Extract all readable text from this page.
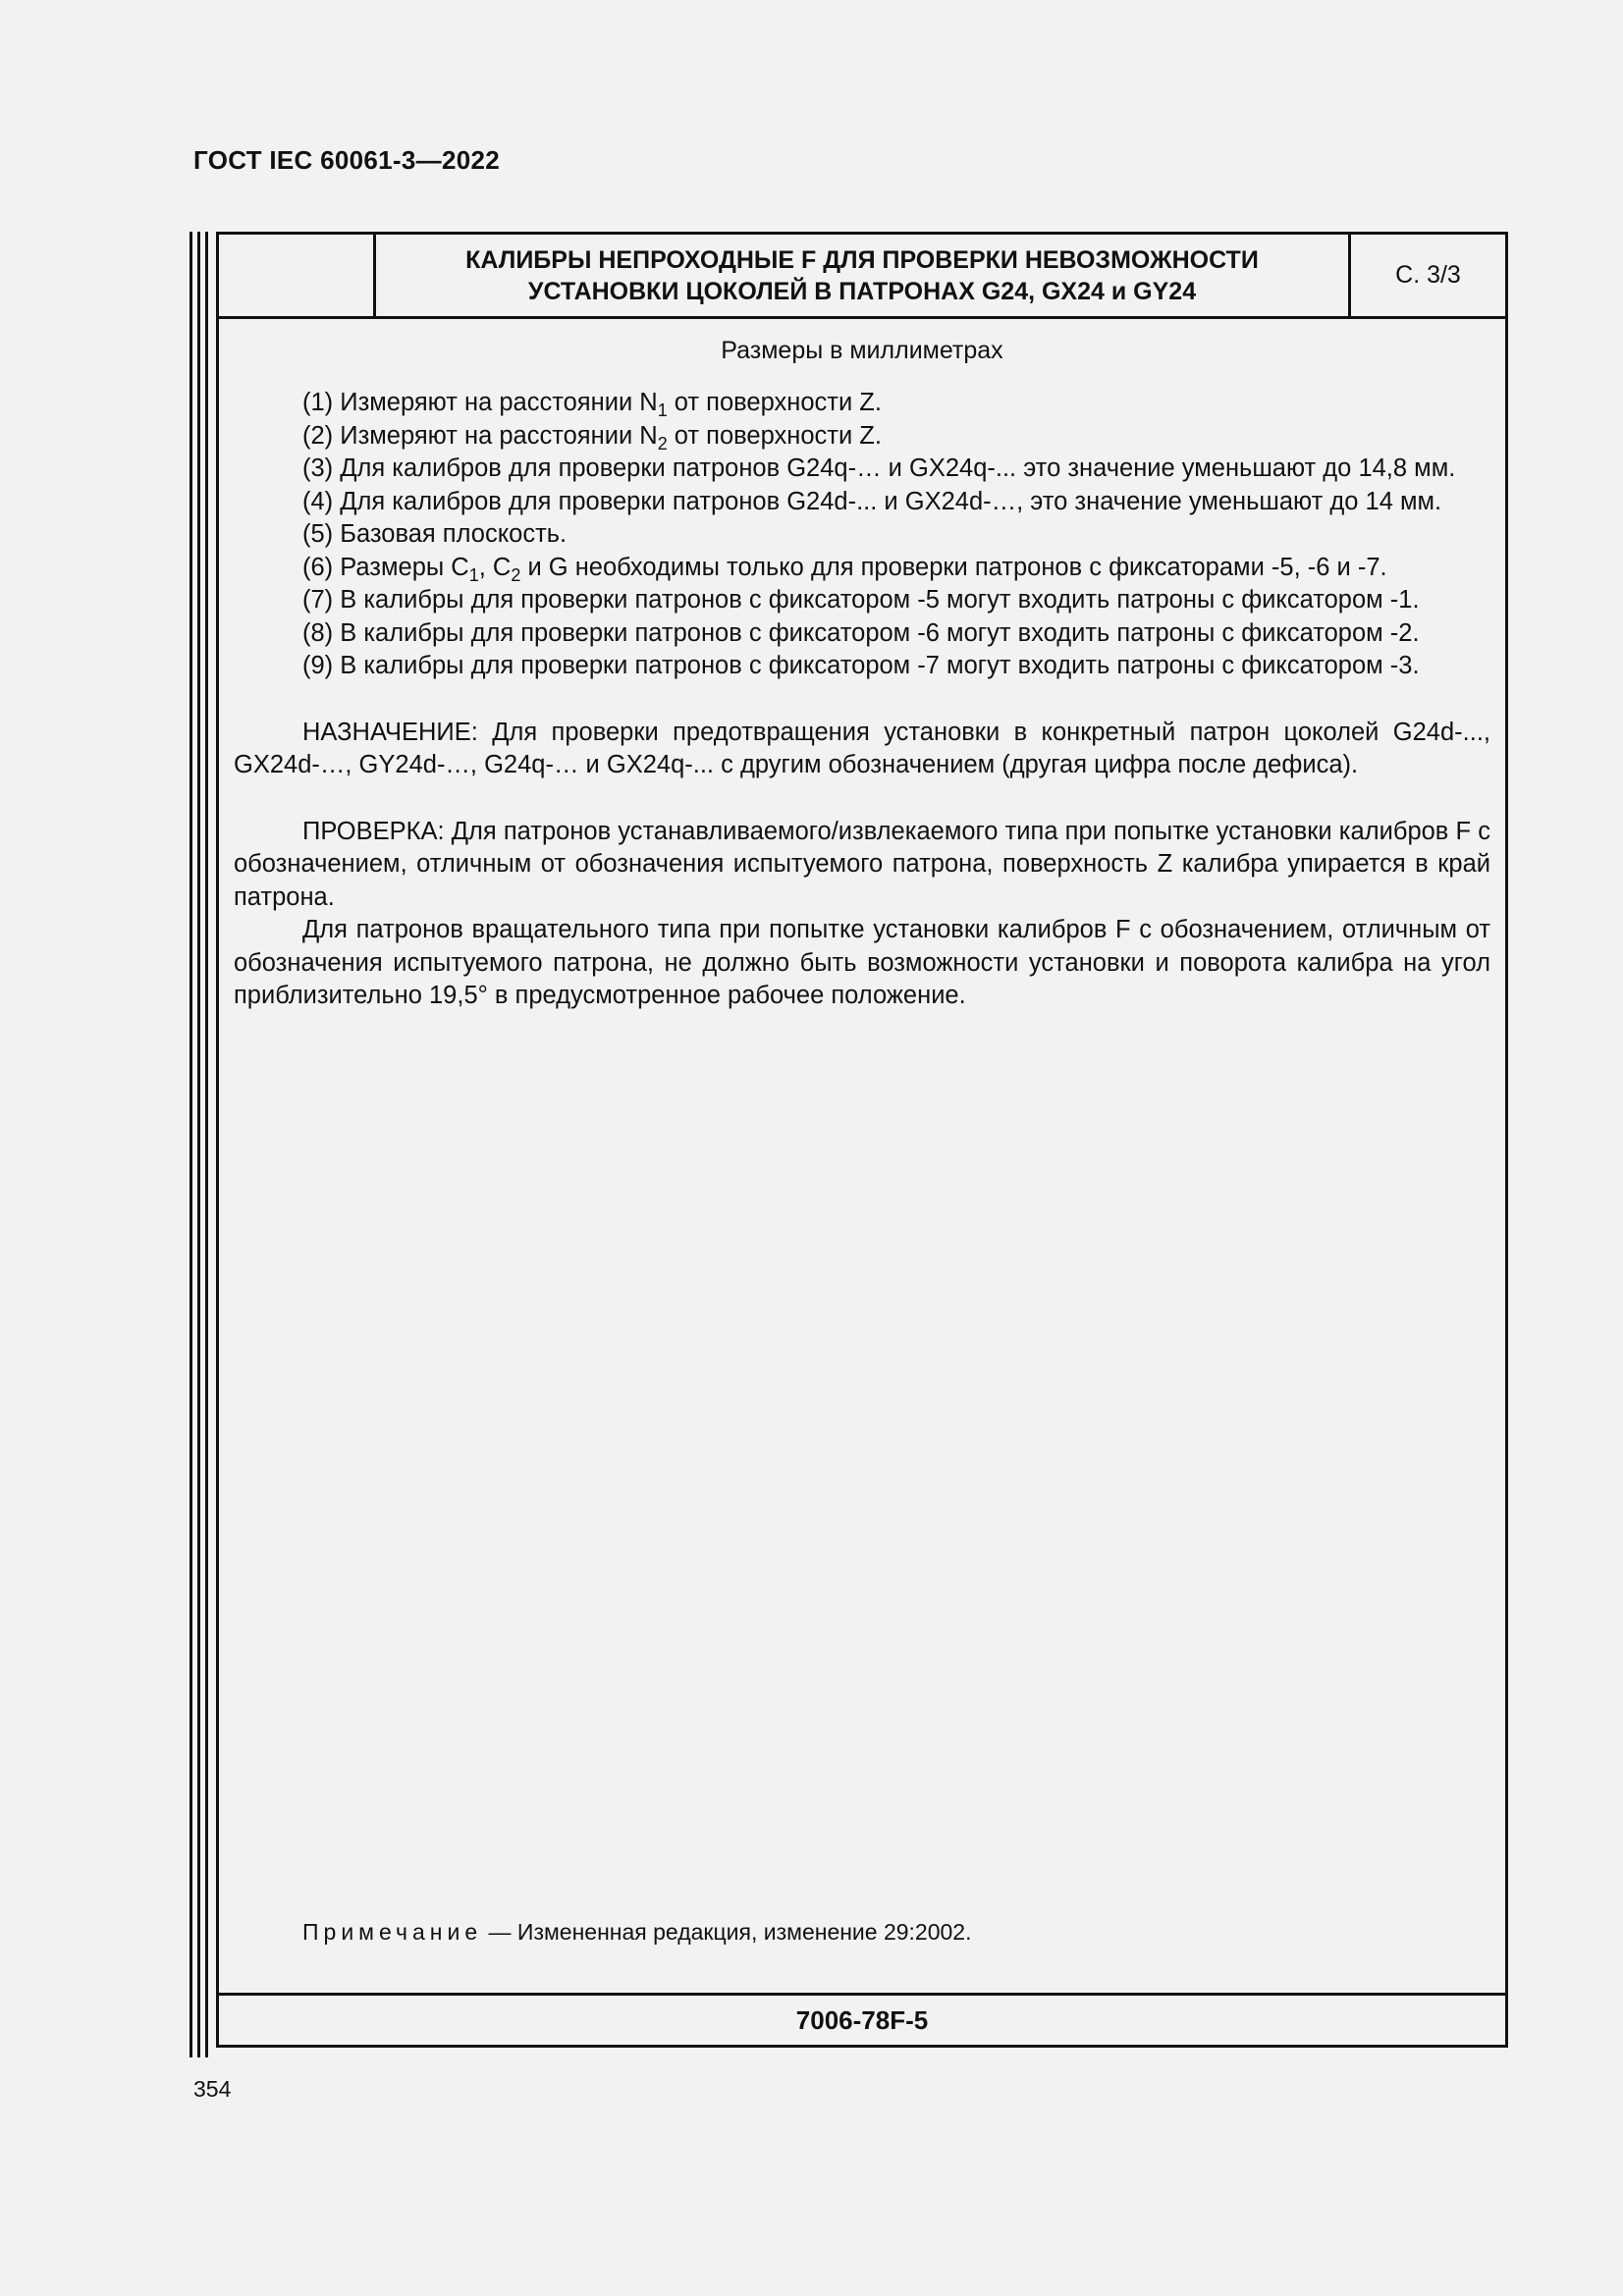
ГОСТ IEC 60061-3—2022
КАЛИБРЫ НЕПРОХОДНЫЕ F ДЛЯ ПРОВЕРКИ НЕВОЗМОЖНОСТИ
УСТАНОВКИ ЦОКОЛЕЙ В ПАТРОНАХ G24, GX24 и GY24
С. 3/3
Размеры в миллиметрах

(1) Измеряют на расстоянии $N_1$ от поверхности Z.

(2) Измеряют на расстоянии $N_2$ от поверхности Z.

(3) Для калибров для проверки патронов G24q-… и GX24q-... это значение уменьшают до 14,8 мм.

(4) Для калибров для проверки патронов G24d-... и GX24d-…, это значение уменьшают до 14 мм.

(5) Базовая плоскость.

(6) Размеры $C_1$, $C_2$ и G необходимы только для проверки патронов с фиксаторами -5, -6 и -7.

(7) В калибры для проверки патронов с фиксатором -5 могут входить патроны с фиксатором -1.

(8) В калибры для проверки патронов с фиксатором -6 могут входить патроны с фиксатором -2.

(9) В калибры для проверки патронов с фиксатором -7 могут входить патроны с фиксатором -3.

НАЗНАЧЕНИЕ: Для проверки предотвращения установки в конкретный патрон цоколей G24d-..., GX24d-…, GY24d-…, G24q-… и GX24q-... с другим обозначением (другая цифра после дефиса).

ПРОВЕРКА: Для патронов устанавливаемого/извлекаемого типа при попытке установки калибров F с обозначением, отличным от обозначения испытуемого патрона, поверхность Z калибра упирается в край патрона.

Для патронов вращательного типа при попытке установки калибров F с обозначением, отличным от обозначения испытуемого патрона, не должно быть возможности установки и поворота калибра на угол приблизительно 19,5° в предусмотренное рабочее положение.

Примечание — Измененная редакция, изменение 29:2002.
7006-78F-5
354
